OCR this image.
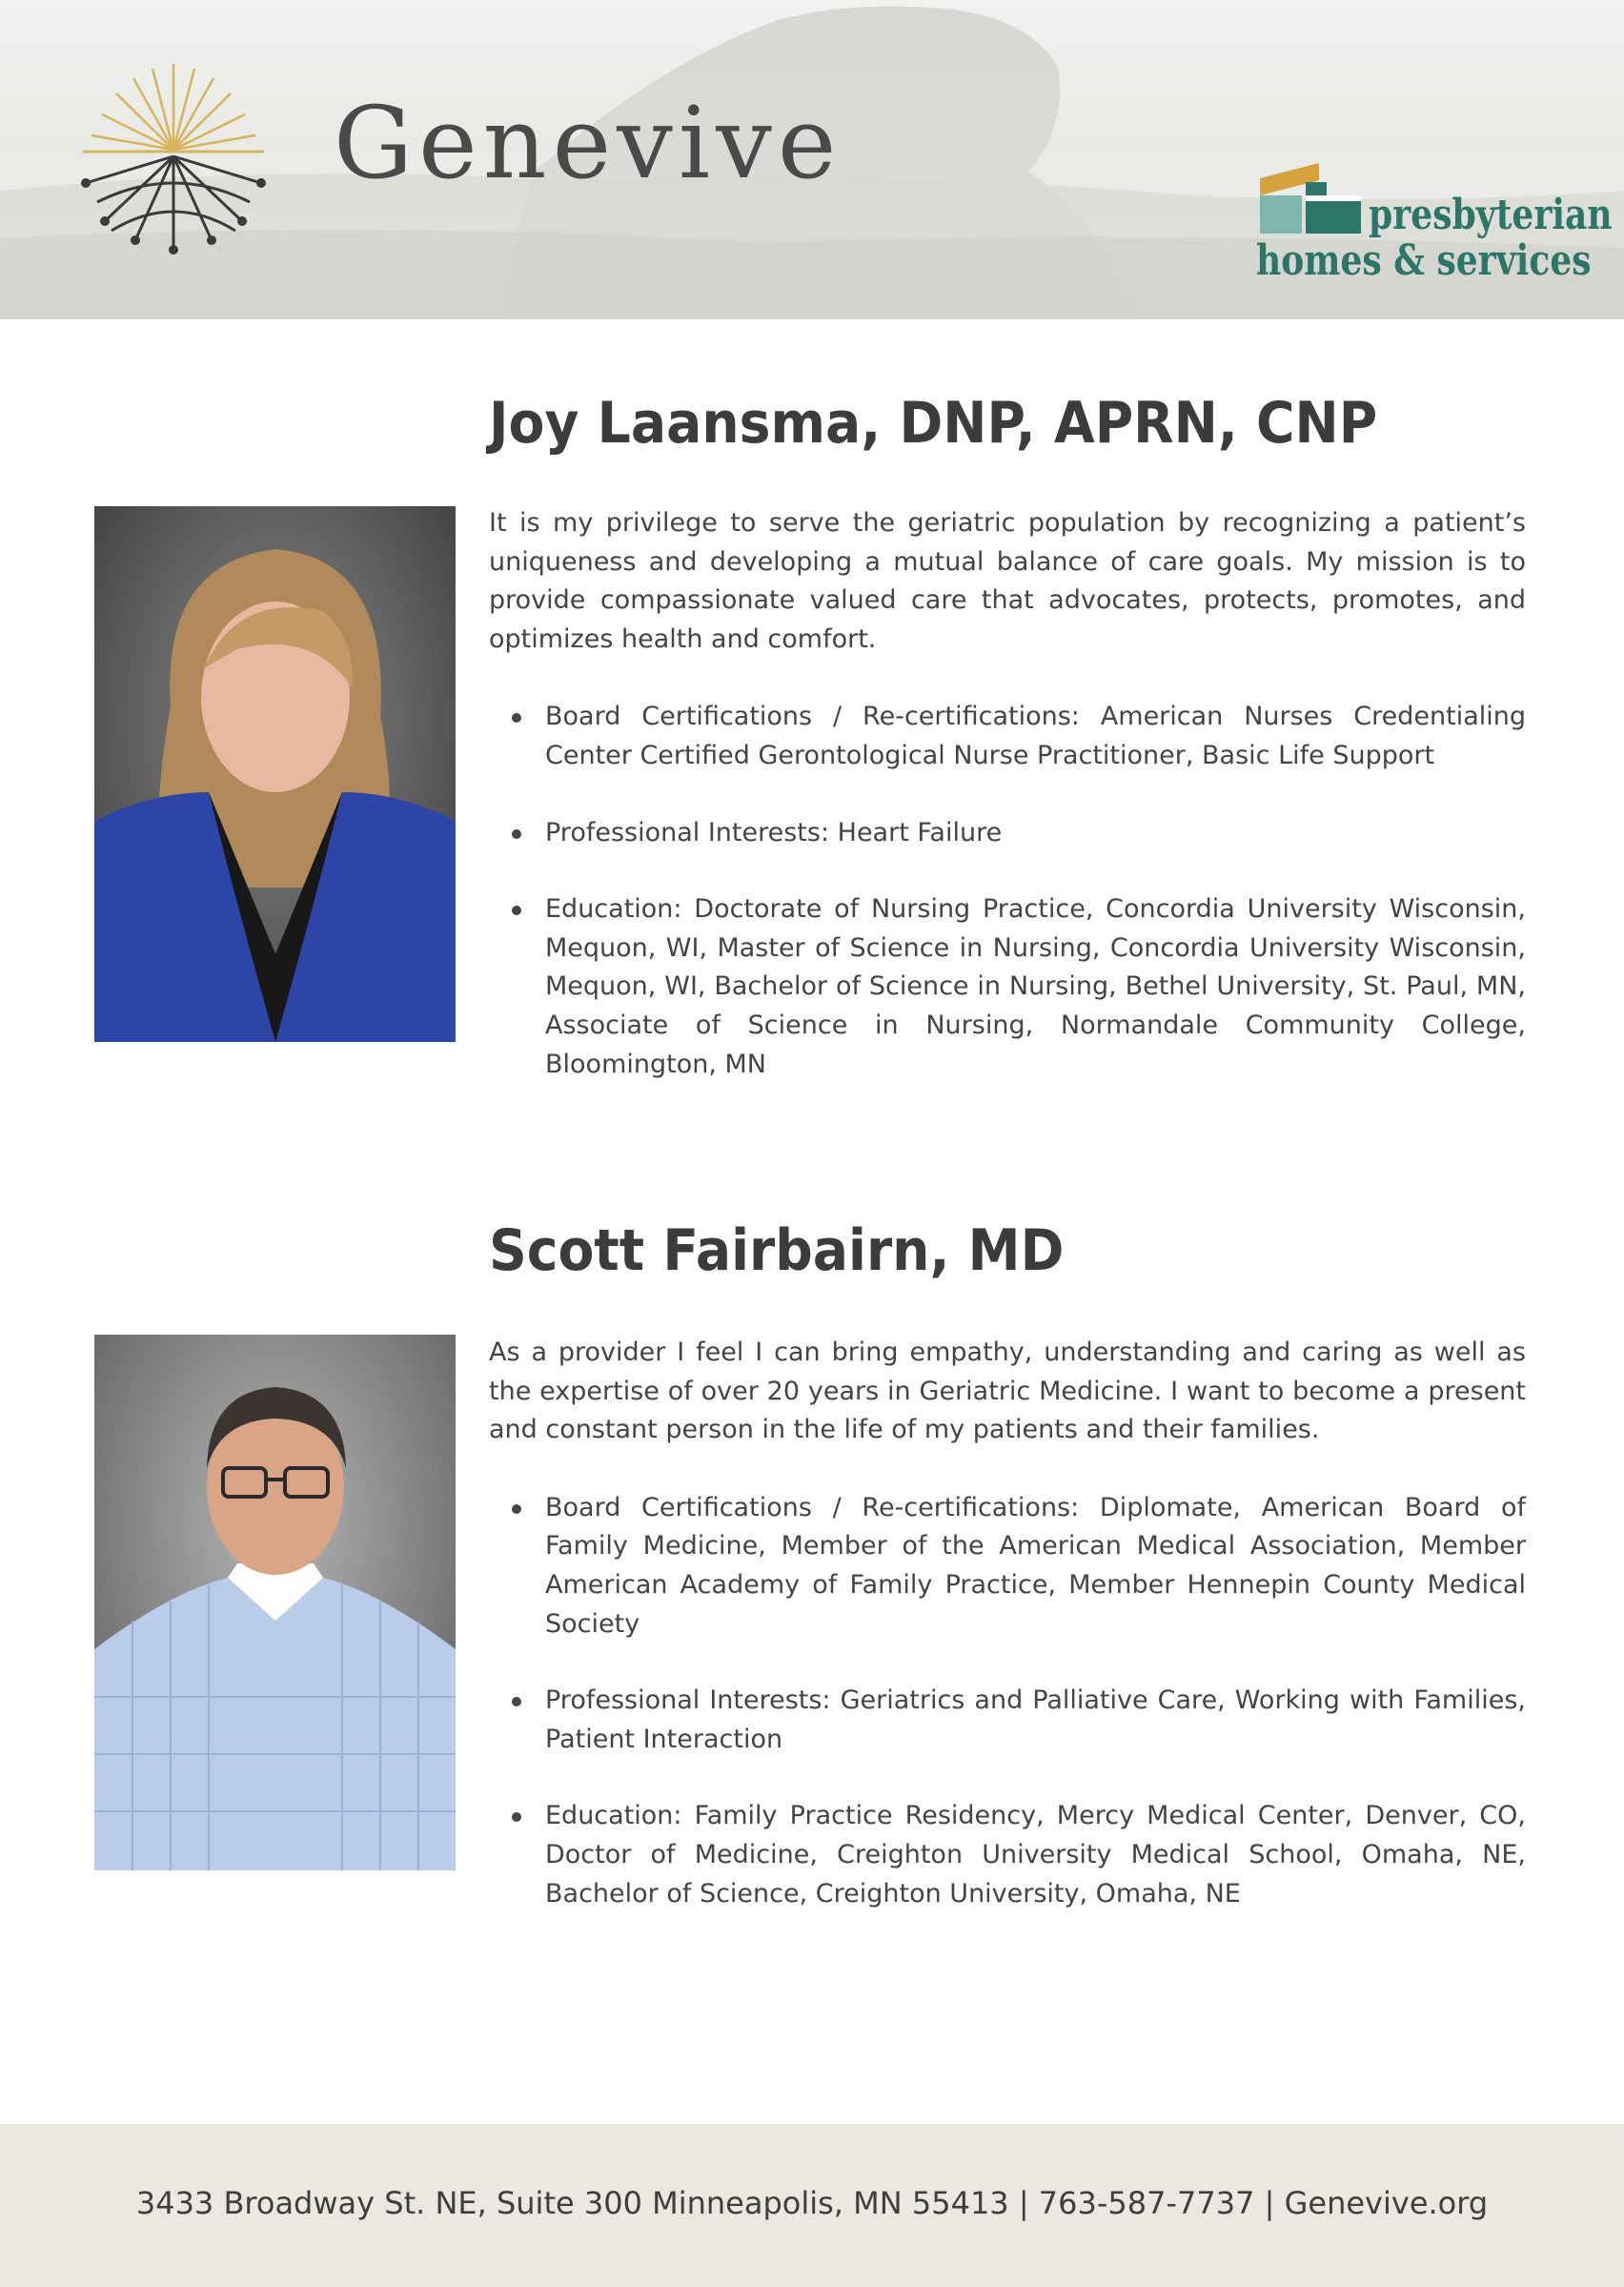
Genevive
presbyterian
homes & services
Joy Laansma, DNP, APRN, CNP

It is my privilege to serve the geriatric population by recognizing a patient’s uniqueness and developing a mutual balance of care goals. My mission is to provide compassionate valued care that advocates, protects, promotes, and optimizes health and comfort.

Board Certifications / Re-certifications: American Nurses Credentialing Center Certified Gerontological Nurse Practitioner, Basic Life Support
Professional Interests: Heart Failure
Education: Doctorate of Nursing Practice, Concordia University Wisconsin, Mequon, WI, Master of Science in Nursing, Concordia University Wisconsin, Mequon, WI, Bachelor of Science in Nursing, Bethel University, St. Paul, MN, Associate of Science in Nursing, Normandale Community College, Bloomington, MN
Scott Fairbairn, MD

As a provider I feel I can bring empathy, understanding and caring as well as the expertise of over 20 years in Geriatric Medicine. I want to become a present and constant person in the life of my patients and their families.

Board Certifications / Re-certifications: Diplomate, American Board of Family Medicine, Member of the American Medical Association, Member American Academy of Family Practice, Member Hennepin County Medical Society
Professional Interests: Geriatrics and Palliative Care, Working with Families, Patient Interaction
Education: Family Practice Residency, Mercy Medical Center, Denver, CO, Doctor of Medicine, Creighton University Medical School, Omaha, NE, Bachelor of Science, Creighton University, Omaha, NE
3433 Broadway St. NE, Suite 300 Minneapolis, MN 55413 | 763-587-7737 | Genevive.org
